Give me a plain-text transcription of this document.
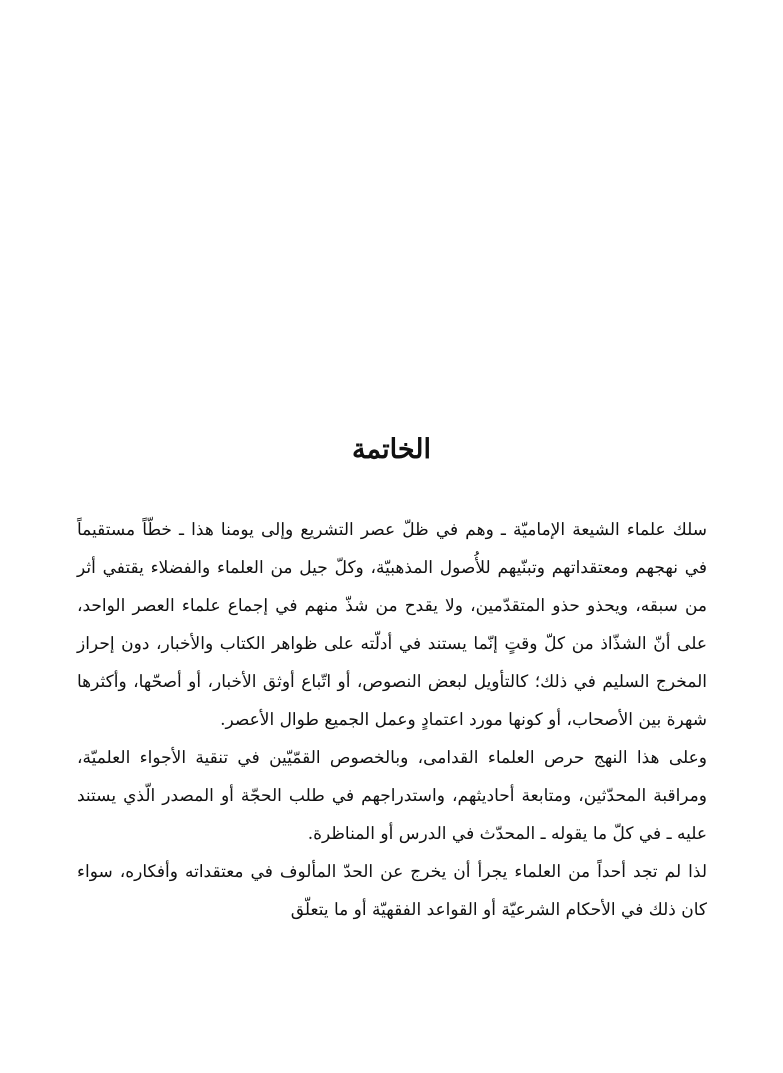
الخاتمة

سلك علماء الشيعة الإماميّة ـ وهم في ظلّ عصر التشريع وإلى يومنا هذا ـ خطّاً مستقيماً في نهجهم ومعتقداتهم وتبنّيهم للأُصول المذهبيّة، وكلّ جيل من العلماء والفضلاء يقتفي أثر من سبقه، ويحذو حذو المتقدّمين، ولا يقدح من شذّ منهم في إجماع علماء العصر الواحد، على أنّ الشذّاذ من كلّ وقتٍ إنّما يستند في أدلّته على ظواهر الكتاب والأخبار، دون إحراز المخرج السليم في ذلك؛ كالتأويل لبعض النصوص، أو اتّباع أوثق الأخبار، أو أصحّها، وأكثرها شهرة بين الأصحاب، أو كونها مورد اعتمادٍ وعمل الجميع طوال الأعصر.

وعلى هذا النهج حرص العلماء القدامى، وبالخصوص القمّيّين في تنقية الأجواء العلميّة، ومراقبة المحدّثين، ومتابعة أحاديثهم، واستدراجهم في طلب الحجّة أو المصدر الّذي يستند عليه ـ في كلّ ما يقوله ـ المحدّث في الدرس أو المناظرة.

لذا لم تجد أحداً من العلماء يجرأ أن يخرج عن الحدّ المألوف في معتقداته وأفكاره، سواء كان ذلك في الأحكام الشرعيّة أو القواعد الفقهيّة أو ما يتعلّق
